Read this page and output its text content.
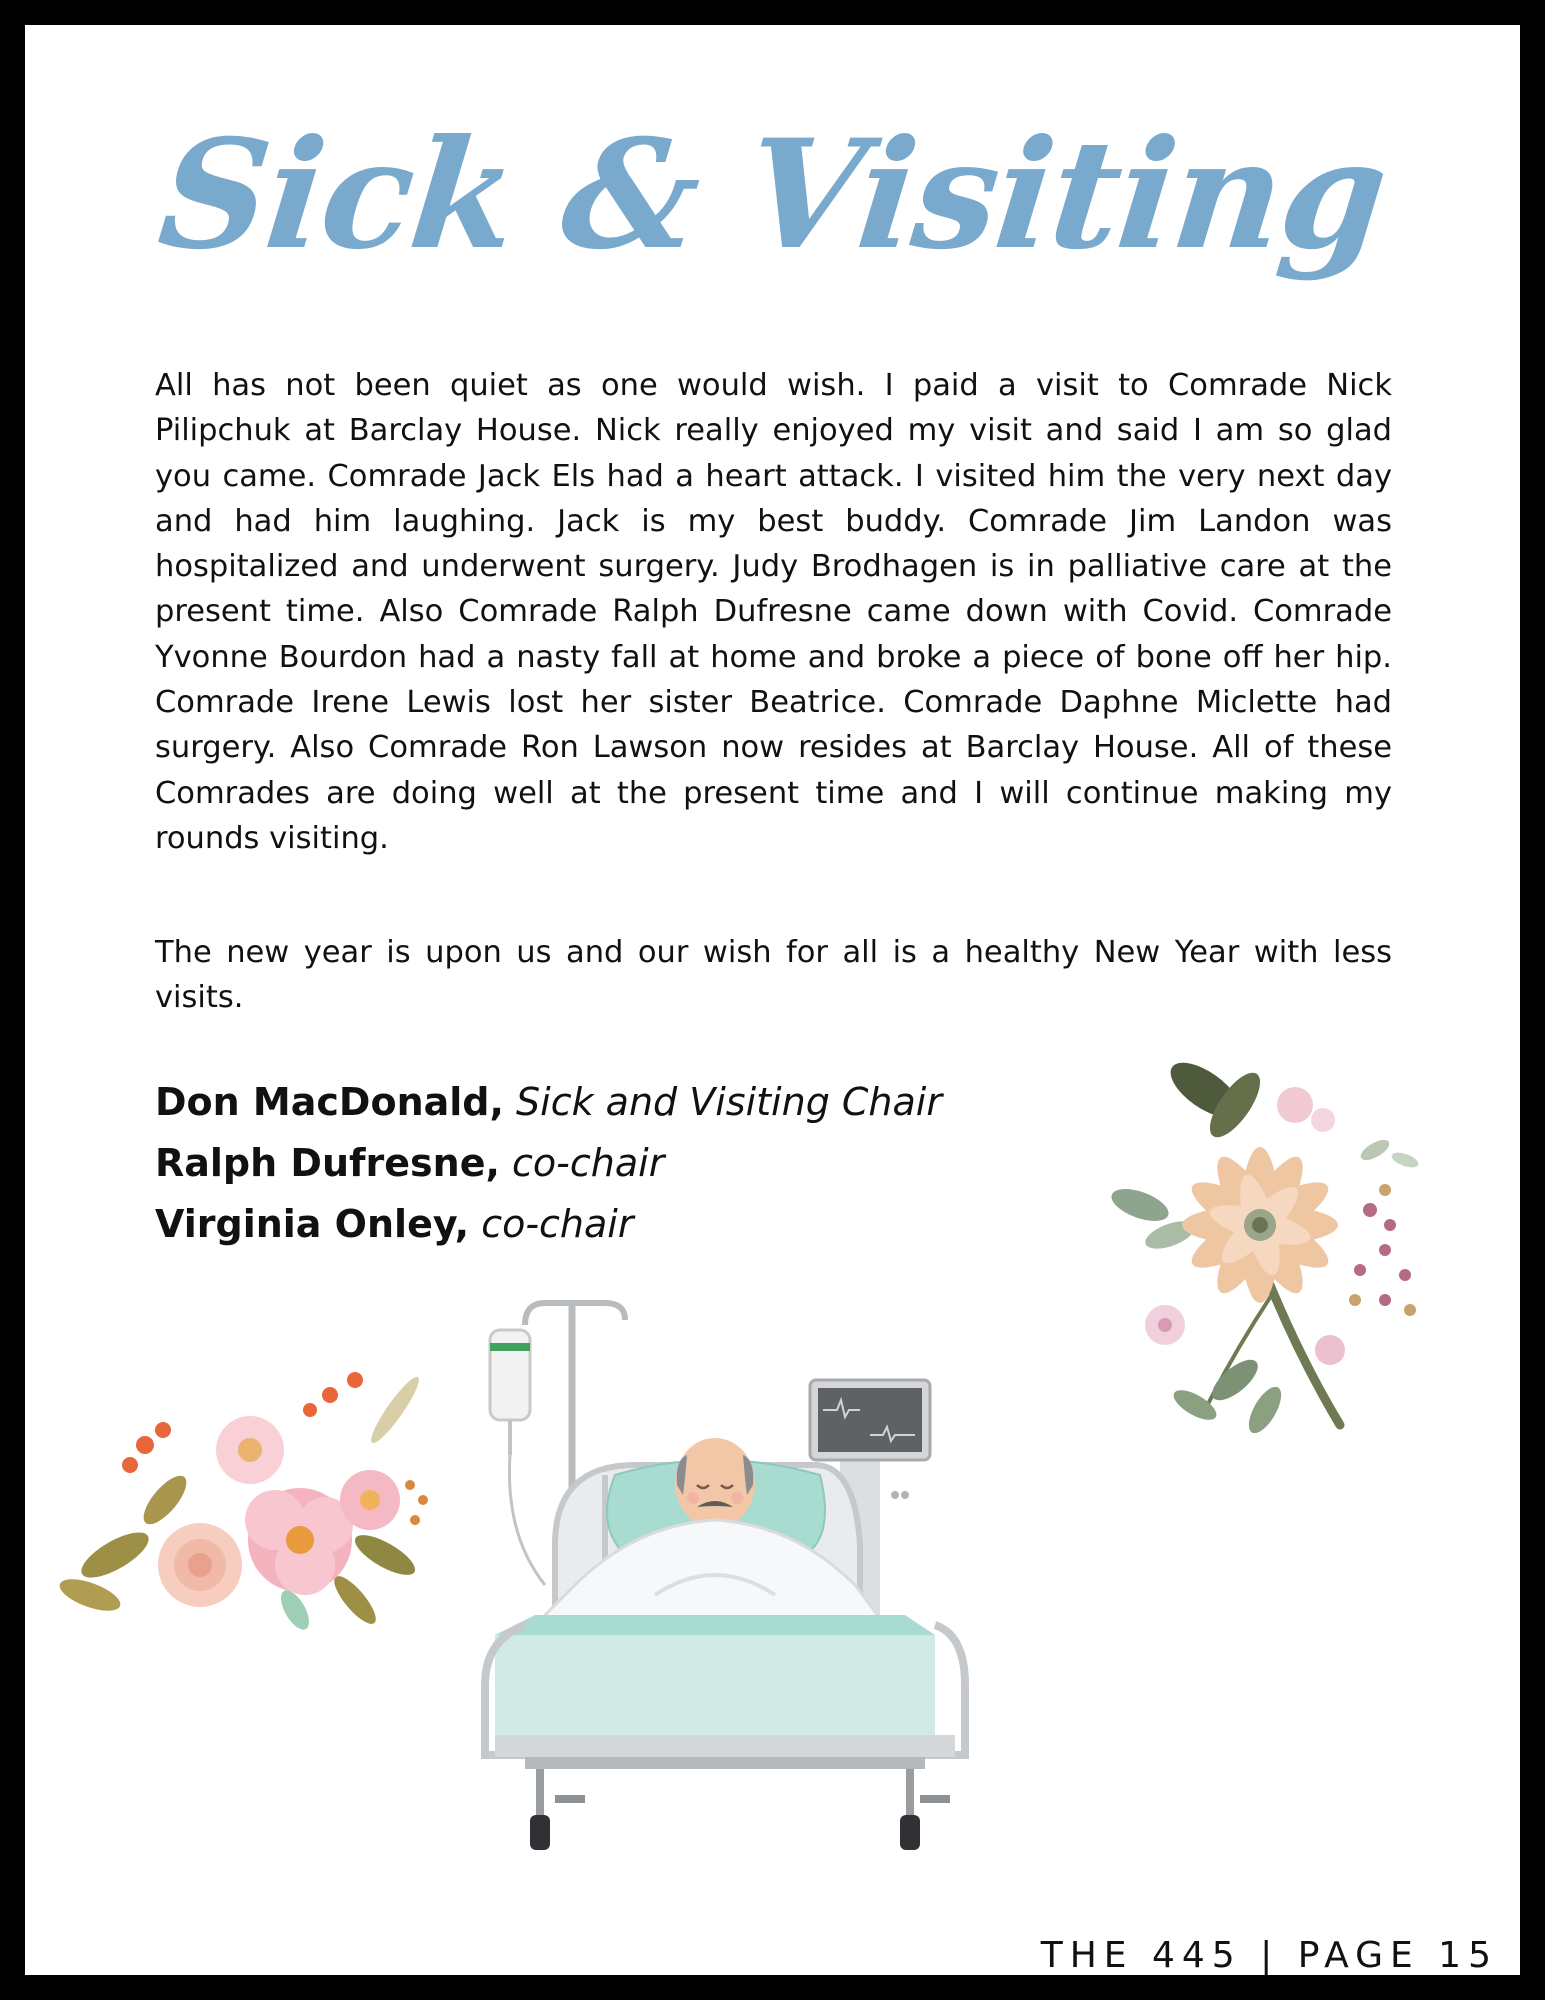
Sick & Visiting

All has not been quiet as one would wish. I paid a visit to Comrade Nick Pilipchuk at Barclay House. Nick really enjoyed my visit and said I am so glad you came. Comrade Jack Els had a heart attack. I visited him the very next day and had him laughing. Jack is my best buddy. Comrade Jim Landon was hospitalized and underwent surgery. Judy Brodhagen is in palliative care at the present time. Also Comrade Ralph Dufresne came down with Covid. Comrade Yvonne Bourdon had a nasty fall at home and broke a piece of bone off her hip. Comrade Irene Lewis lost her sister Beatrice. Comrade Daphne Miclette had surgery. Also Comrade Ron Lawson now resides at Barclay House. All of these Comrades are doing well at the present time and I will continue making my rounds visiting.

The new year is upon us and our wish for all is a healthy New Year with less visits.

Don MacDonald, Sick and Visiting Chair
Ralph Dufresne, co-chair
Virginia Onley, co-chair
THE 445 | PAGE 15
